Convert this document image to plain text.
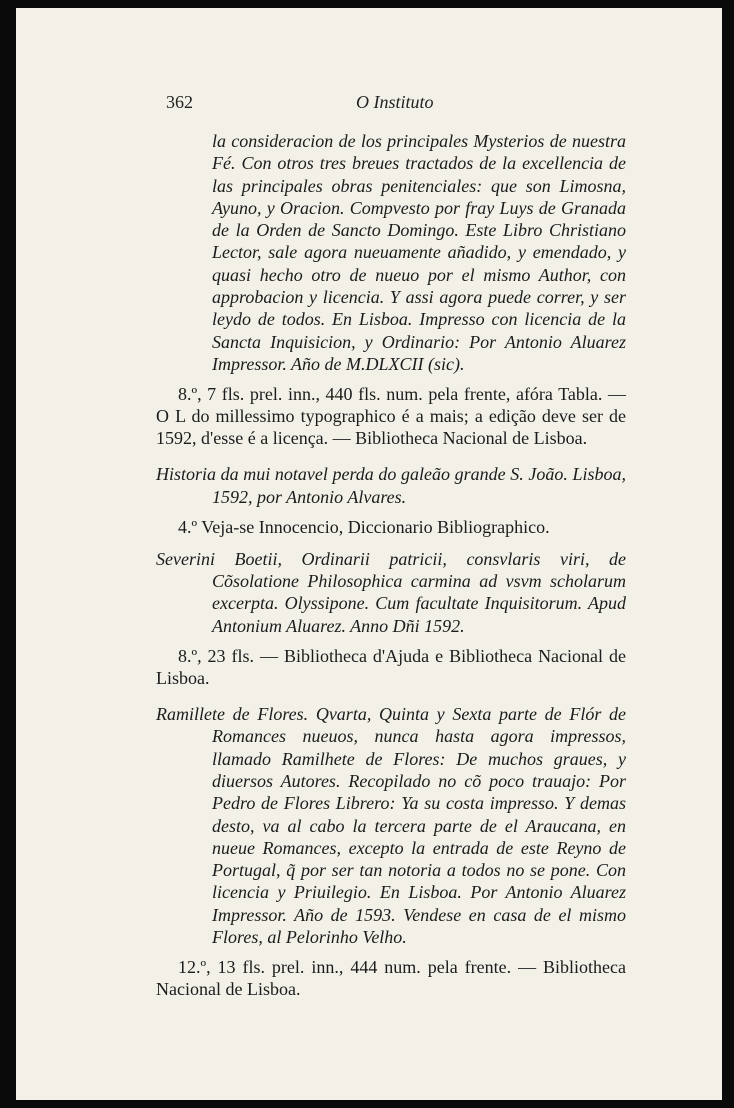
362	O Instituto

la consideracion de los principales Mysterios de nuestra Fé. Con otros tres breues tractados de la excellencia de las principales obras penitenciales: que son Limosna, Ayuno, y Oracion. Compvesto por fray Luys de Granada de la Orden de Sancto Domingo. Este Libro Christiano Lector, sale agora nueuamente añadido, y emendado, y quasi hecho otro de nueuo por el mismo Author, con approbacion y licencia. Y assi agora puede correr, y ser leydo de todos. En Lisboa. Impresso con licencia de la Sancta Inquisicion, y Ordinario: Por Antonio Aluarez Impressor. Año de M.DLXCII (sic).

8.º, 7 fls. prel. inn., 440 fls. num. pela frente, afóra Tabla. — O L do millessimo typographico é a mais; a edição deve ser de 1592, d'esse é a licença. — Bibliotheca Nacional de Lisboa.

Historia da mui notavel perda do galeão grande S. João. Lisboa, 1592, por Antonio Alvares.

4.º Veja-se Innocencio, Diccionario Bibliographico.

Severini Boetii, Ordinarii patricii, consvlaris viri, de Cõsolatione Philosophica carmina ad vsvm scholarum excerpta. Olyssipone. Cum facultate Inquisitorum. Apud Antonium Aluarez. Anno Dñi 1592.

8.º, 23 fls. — Bibliotheca d'Ajuda e Bibliotheca Nacional de Lisboa.

Ramillete de Flores. Qvarta, Quinta y Sexta parte de Flór de Romances nueuos, nunca hasta agora impressos, llamado Ramilhete de Flores: De muchos graues, y diuersos Autores. Recopilado no cõ poco trauajo: Por Pedro de Flores Librero: Ya su costa impresso. Y demas desto, va al cabo la tercera parte de el Araucana, en nueue Romances, excepto la entrada de este Reyno de Portugal, q̃ por ser tan notoria a todos no se pone. Con licencia y Priuilegio. En Lisboa. Por Antonio Aluarez Impressor. Año de 1593. Vendese en casa de el mismo Flores, al Pelorinho Velho.

12.º, 13 fls. prel. inn., 444 num. pela frente. — Bibliotheca Nacional de Lisboa.
